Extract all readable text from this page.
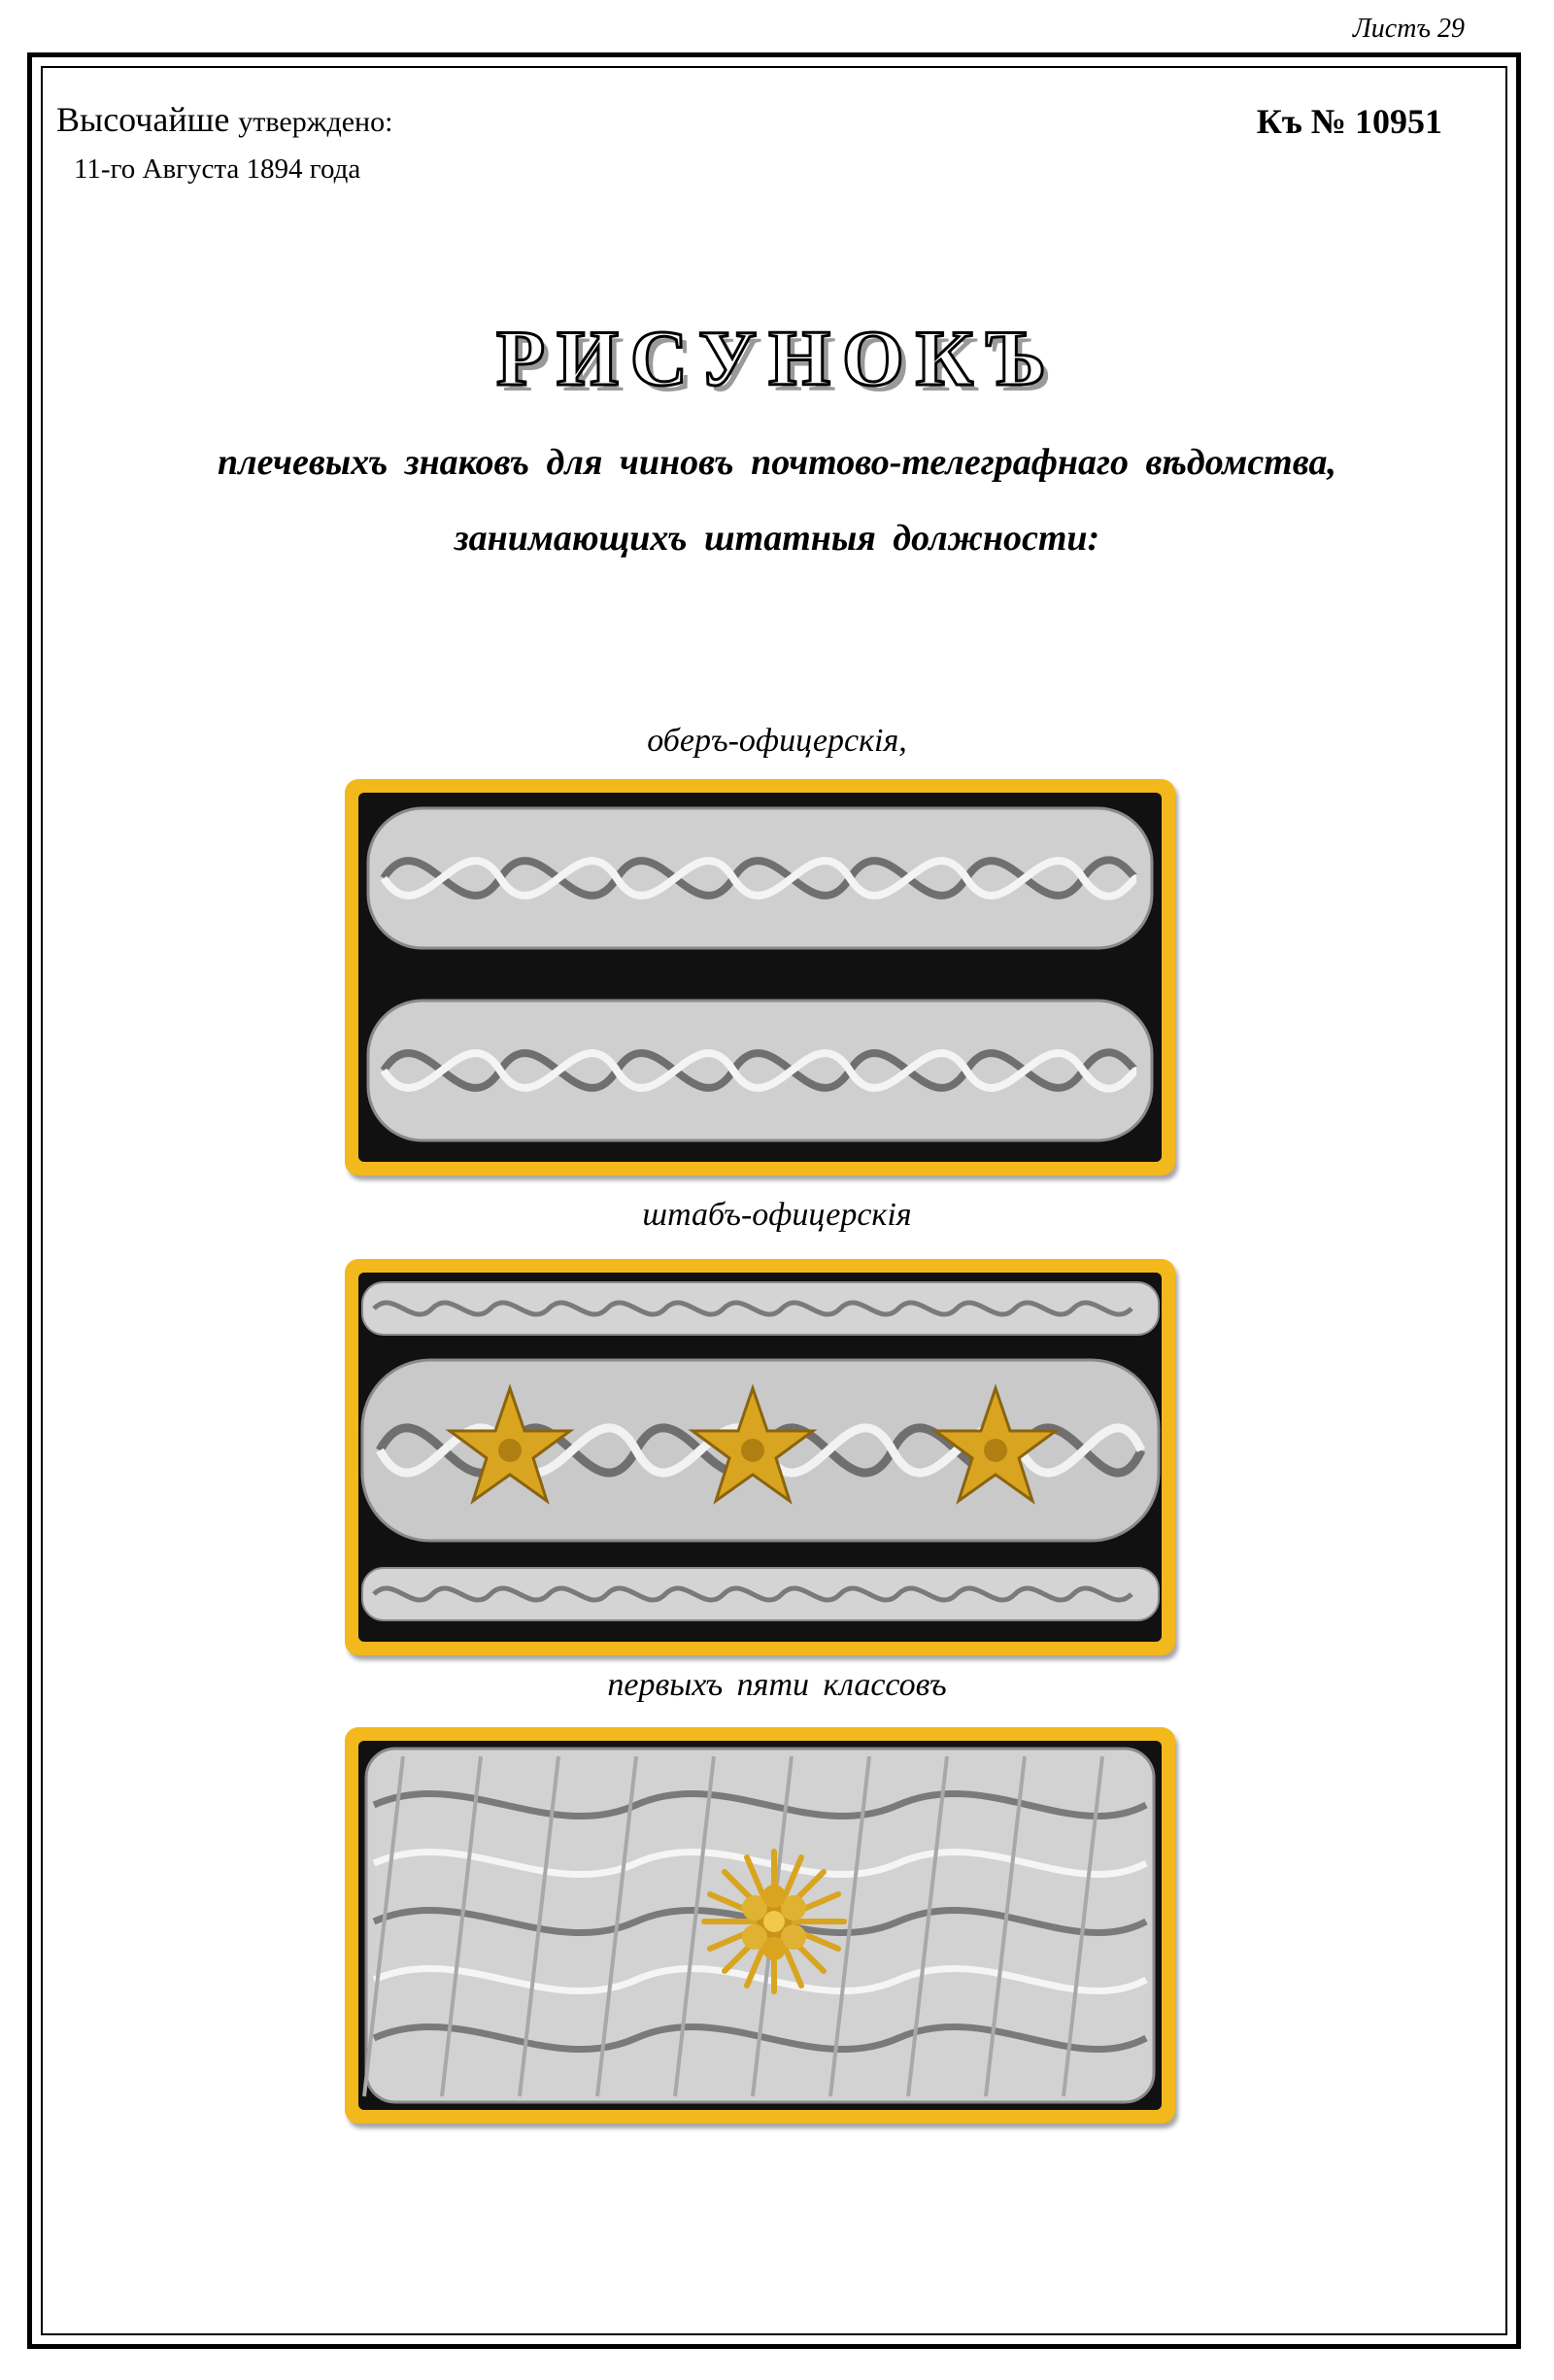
Листъ 29
Высочайше утверждено:
11-го Августа 1894 года
Къ № 10951
РИСУНОКЪ
плечевыхъ знаковъ для чиновъ почтово-телеграфнаго вѣдомства,
занимающихъ штатныя должности:
оберъ-офицерскія,
штабъ-офицерскія
первыхъ пяти классовъ
